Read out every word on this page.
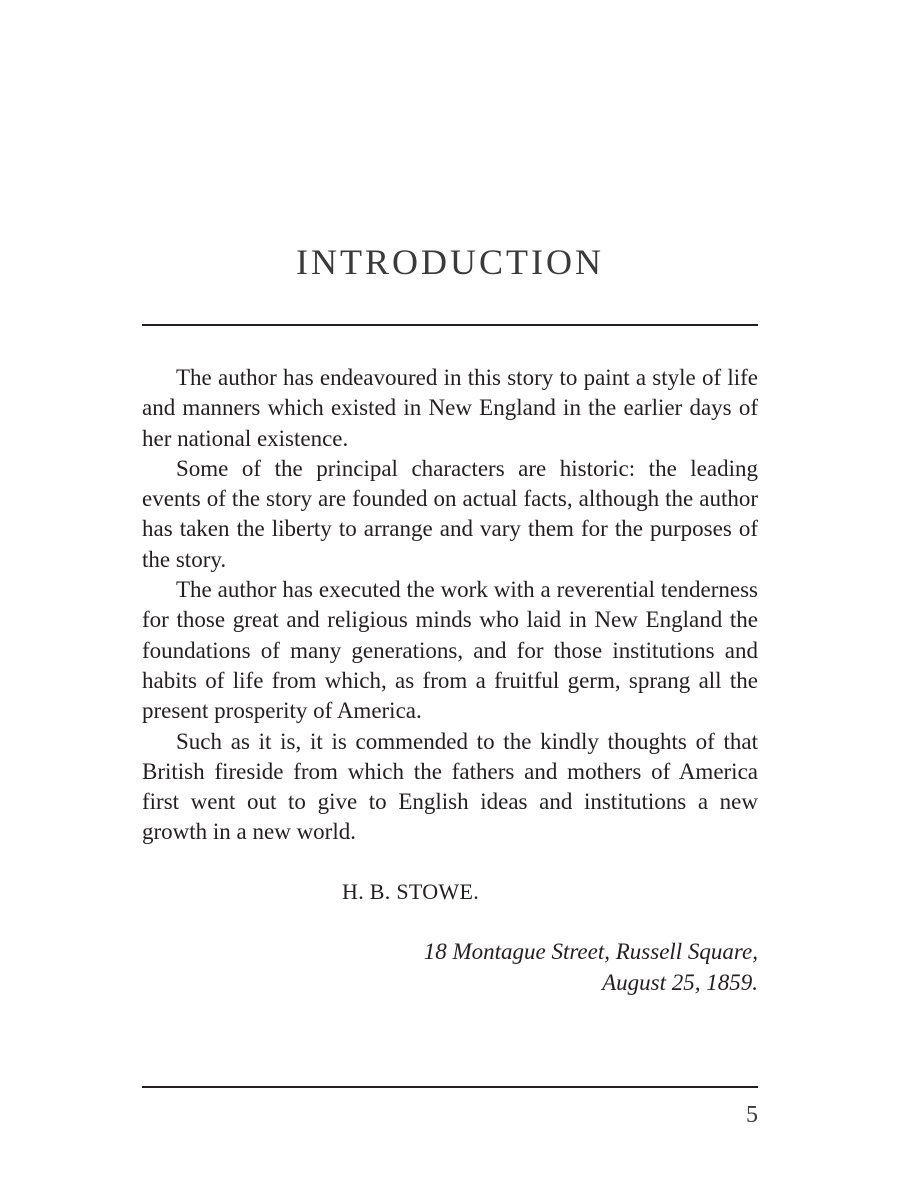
INTRODUCTION

The author has endeavoured in this story to paint a style of life and manners which existed in New England in the earlier days of her national existence.

Some of the principal characters are historic: the leading events of the story are founded on actual facts, although the author has taken the liberty to arrange and vary them for the purposes of the story.

The author has executed the work with a reverential tenderness for those great and religious minds who laid in New England the foundations of many generations, and for those institutions and habits of life from which, as from a fruitful germ, sprang all the present prosperity of America.

Such as it is, it is commended to the kindly thoughts of that British fireside from which the fathers and mothers of America first went out to give to English ideas and institutions a new growth in a new world.

H. B. STOWE.
18 Montague Street, Russell Square,
August 25, 1859.
5
